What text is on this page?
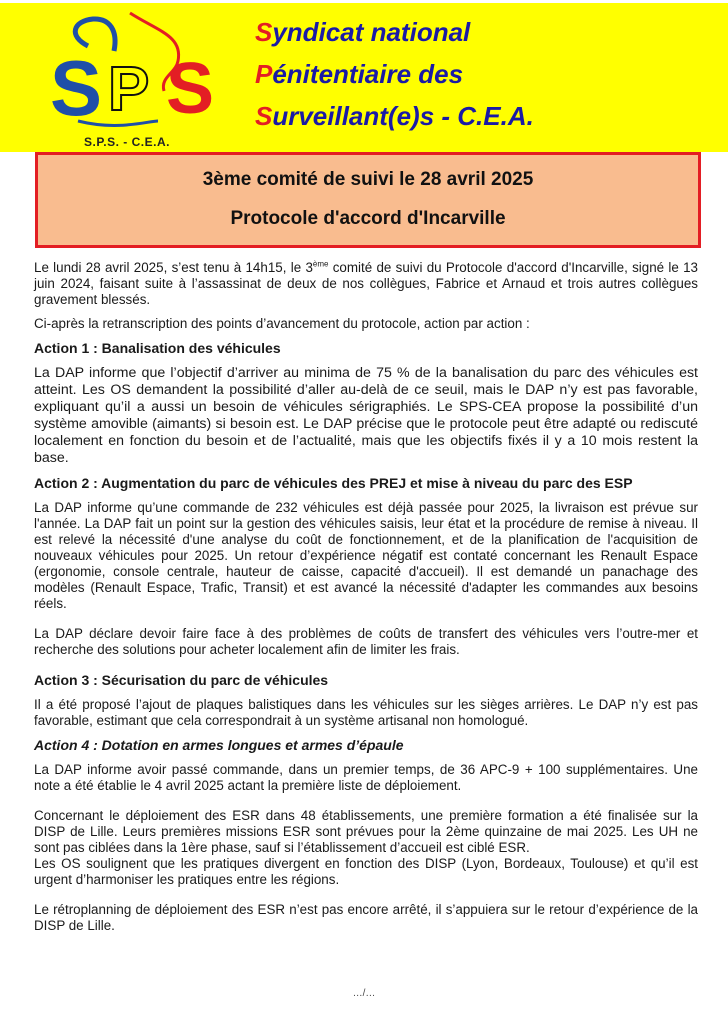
S P S
S.P.S. - C.E.A.
Syndicat national
Pénitentiaire des
Surveillant(e)s - C.E.A.
3ème comité de suivi le 28 avril 2025
Protocole d'accord d'Incarville

Le lundi 28 avril 2025, s’est tenu à 14h15, le 3ème comité de suivi du Protocole d'accord d'Incarville, signé le 13 juin 2024, faisant suite à l’assassinat de deux de nos collègues, Fabrice et Arnaud et trois autres collègues gravement blessés.

Ci-après la retranscription des points d’avancement du protocole, action par action :

Action 1 : Banalisation des véhicules

La DAP informe que l’objectif d’arriver au minima de 75 % de la banalisation du parc des véhicules est atteint. Les OS demandent la possibilité d’aller au-delà de ce seuil, mais le DAP n’y est pas favorable, expliquant qu’il a aussi un besoin de véhicules sérigraphiés. Le SPS-CEA propose la possibilité d’un système amovible (aimants) si besoin est. Le DAP précise que le protocole peut être adapté ou rediscuté localement en fonction du besoin et de l’actualité, mais que les objectifs fixés il y a 10 mois restent la base.

Action 2 : Augmentation du parc de véhicules des PREJ et mise à niveau du parc des ESP

La DAP informe qu’une commande de 232 véhicules est déjà passée pour 2025, la livraison est prévue sur l'année. La DAP fait un point sur la gestion des véhicules saisis, leur état et la procédure de remise à niveau. Il est relevé la nécessité d'une analyse du coût de fonctionnement, et de la planification de l'acquisition de nouveaux véhicules pour 2025. Un retour d’expérience négatif est contaté concernant les Renault Espace (ergonomie, console centrale, hauteur de caisse, capacité d'accueil). Il est demandé un panachage des modèles (Renault Espace, Trafic, Transit) et est avancé la nécessité d'adapter les commandes aux besoins réels.

La DAP déclare devoir faire face à des problèmes de coûts de transfert des véhicules vers l’outre-mer et recherche des solutions pour acheter localement afin de limiter les frais.

Action 3 : Sécurisation du parc de véhicules

Il a été proposé l’ajout de plaques balistiques dans les véhicules sur les sièges arrières. Le DAP n’y est pas favorable, estimant que cela correspondrait à un système artisanal non homologué.

Action 4 : Dotation en armes longues et armes d’épaule

La DAP informe avoir passé commande, dans un premier temps, de 36 APC-9 + 100 supplémentaires. Une note a été établie le 4 avril 2025 actant la première liste de déploiement.

Concernant le déploiement des ESR dans 48 établissements, une première formation a été finalisée sur la DISP de Lille. Leurs premières missions ESR sont prévues pour la 2ème quinzaine de mai 2025. Les UH ne sont pas ciblées dans la 1ère phase, sauf si l’établissement d’accueil est ciblé ESR.

Les OS soulignent que les pratiques divergent en fonction des DISP (Lyon, Bordeaux, Toulouse) et qu’il est urgent d’harmoniser les pratiques entre les régions.

Le rétroplanning de déploiement des ESR n’est pas encore arrêté, il s’appuiera sur le retour d’expérience de la DISP de Lille.

…/…
